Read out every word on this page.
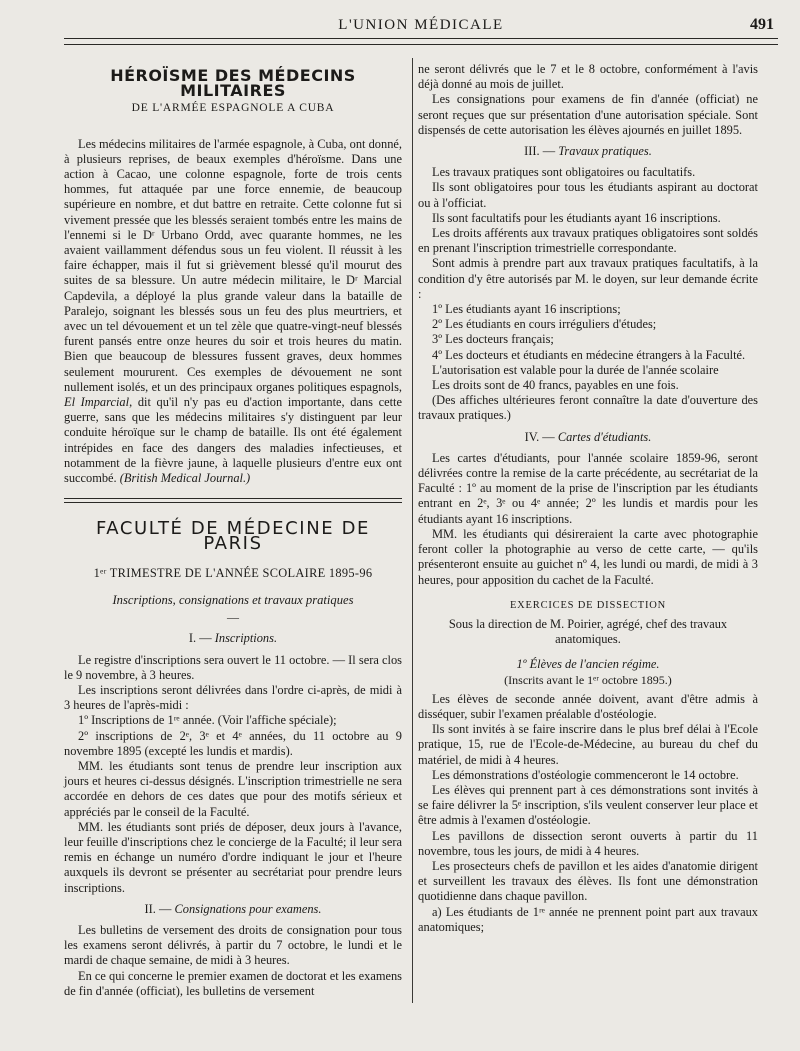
L'UNION MÉDICALE	491
HÉROÏSME DES MÉDECINS MILITAIRES
DE L'ARMÉE ESPAGNOLE A CUBA

Les médecins militaires de l'armée espagnole, à Cuba, ont donné, à plusieurs reprises, de beaux exemples d'héroïsme. Dans une action à Cacao, une colonne espagnole, forte de trois cents hommes, fut attaquée par une force ennemie, de beaucoup supérieure en nombre, et dut battre en retraite. Cette colonne fut si vivement pressée que les blessés seraient tombés entre les mains de l'ennemi si le Dʳ Urbano Ordd, avec quarante hommes, ne les avaient vaillamment défendus sous un feu violent. Il réussit à les faire échapper, mais il fut si grièvement blessé qu'il mourut des suites de sa blessure. Un autre médecin militaire, le Dʳ Marcial Capdevila, a déployé la plus grande valeur dans la bataille de Paralejo, soignant les blessés sous un feu des plus meurtriers, et avec un tel dévouement et un tel zèle que quatre-vingt-neuf blessés furent pansés entre onze heures du soir et trois heures du matin. Bien que beaucoup de blessures fussent graves, deux hommes seulement moururent. Ces exemples de dévouement ne sont nullement isolés, et un des principaux organes politiques espagnols, El Imparcial, dit qu'il n'y pas eu d'action importante, dans cette guerre, sans que les médecins militaires s'y distinguent par leur conduite héroïque sur le champ de bataille. Ils ont été également intrépides en face des dangers des maladies infectieuses, et notamment de la fièvre jaune, à laquelle plusieurs d'entre eux ont succombé. (British Medical Journal.)

FACULTÉ DE MÉDECINE DE PARIS
1ᵉʳ TRIMESTRE DE L'ANNÉE SCOLAIRE 1895-96
Inscriptions, consignations et travaux pratiques
—
I. — Inscriptions.

Le registre d'inscriptions sera ouvert le 11 octobre. — Il sera clos le 9 novembre, à 3 heures.

Les inscriptions seront délivrées dans l'ordre ci-après, de midi à 3 heures de l'après-midi :

1º Inscriptions de 1ʳᵉ année. (Voir l'affiche spéciale);

2º inscriptions de 2ᵉ, 3ᵉ et 4ᵉ années, du 11 octobre au 9 novembre 1895 (excepté les lundis et mardis).

MM. les étudiants sont tenus de prendre leur inscription aux jours et heures ci-dessus désignés. L'inscription trimestrielle ne sera accordée en dehors de ces dates que pour des motifs sérieux et appréciés par le conseil de la Faculté.

MM. les étudiants sont priés de déposer, deux jours à l'avance, leur feuille d'inscriptions chez le concierge de la Faculté; il leur sera remis en échange un numéro d'ordre indiquant le jour et l'heure auxquels ils devront se présenter au secrétariat pour prendre leurs inscriptions.

II. — Consignations pour examens.

Les bulletins de versement des droits de consignation pour tous les examens seront délivrés, à partir du 7 octobre, le lundi et le mardi de chaque semaine, de midi à 3 heures.

En ce qui concerne le premier examen de doctorat et les examens de fin d'année (officiat), les bulletins de versement

ne seront délivrés que le 7 et le 8 octobre, conformément à l'avis déjà donné au mois de juillet.

Les consignations pour examens de fin d'année (officiat) ne seront reçues que sur présentation d'une autorisation spéciale. Sont dispensés de cette autorisation les élèves ajournés en juillet 1895.

III. — Travaux pratiques.

Les travaux pratiques sont obligatoires ou facultatifs.

Ils sont obligatoires pour tous les étudiants aspirant au doctorat ou à l'officiat.

Ils sont facultatifs pour les étudiants ayant 16 inscriptions.

Les droits afférents aux travaux pratiques obligatoires sont soldés en prenant l'inscription trimestrielle correspondante.

Sont admis à prendre part aux travaux pratiques facultatifs, à la condition d'y être autorisés par M. le doyen, sur leur demande écrite :

1º Les étudiants ayant 16 inscriptions;

2º Les étudiants en cours irréguliers d'études;

3º Les docteurs français;

4º Les docteurs et étudiants en médecine étrangers à la Faculté.

L'autorisation est valable pour la durée de l'année scolaire

Les droits sont de 40 francs, payables en une fois.

(Des affiches ultérieures feront connaître la date d'ouverture des travaux pratiques.)

IV. — Cartes d'étudiants.

Les cartes d'étudiants, pour l'année scolaire 1859-96, seront délivrées contre la remise de la carte précédente, au secrétariat de la Faculté : 1º au moment de la prise de l'inscription par les étudiants entrant en 2ᵉ, 3ᵉ ou 4ᵉ année; 2º les lundis et mardis pour les étudiants ayant 16 inscriptions.

MM. les étudiants qui désireraient la carte avec photographie feront coller la photographie au verso de cette carte, — qu'ils présenteront ensuite au guichet nº 4, les lundi ou mardi, de midi à 3 heures, pour apposition du cachet de la Faculté.

EXERCICES DE DISSECTION

Sous la direction de M. Poirier, agrégé, chef des travaux anatomiques.

1º Élèves de l'ancien régime.
(Inscrits avant le 1ᵉʳ octobre 1895.)

Les élèves de seconde année doivent, avant d'être admis à disséquer, subir l'examen préalable d'ostéologie.

Ils sont invités à se faire inscrire dans le plus bref délai à l'Ecole pratique, 15, rue de l'Ecole-de-Médecine, au bureau du chef du matériel, de midi à 4 heures.

Les démonstrations d'ostéologie commenceront le 14 octobre.

Les élèves qui prennent part à ces démonstrations sont invités à se faire délivrer la 5ᵉ inscription, s'ils veulent conserver leur place et être admis à l'examen d'ostéologie.

Les pavillons de dissection seront ouverts à partir du 11 novembre, tous les jours, de midi à 4 heures.

Les prosecteurs chefs de pavillon et les aides d'anatomie dirigent et surveillent les travaux des élèves. Ils font une démonstration quotidienne dans chaque pavillon.

a) Les étudiants de 1ʳᵉ année ne prennent point part aux travaux anatomiques;
